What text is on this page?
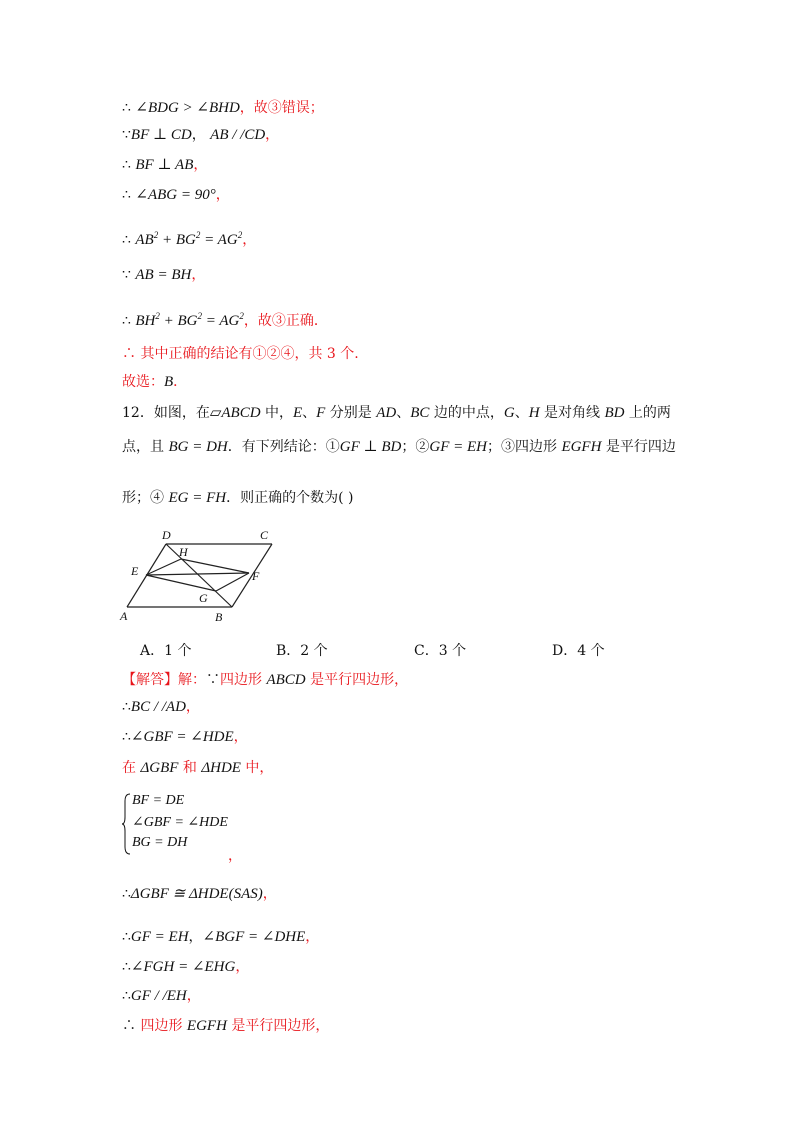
∴ ∠BDG > ∠BHD，故③错误；
∵BF ⊥ CD， AB / /CD，
∴ BF ⊥ AB，
∴ ∠ABG = 90°，
∴ $AB^2 + BG^2 = AG^2$，
∵ AB = BH，
∴ $BH^2 + BG^2 = AG^2$，故③正确．
∴ 其中正确的结论有①②④，共 3 个.
故选：B．
12．如图，在▱ABCD 中，E、F 分别是 AD、BC 边的中点，G、H 是对角线 BD 上的两
点，且 BG = DH．有下列结论：①GF ⊥ BD；②GF = EH；③四边形 EGFH 是平行四边
形；④ EG = FH．则正确的个数为( )
D	C
H
E	F
G
A	B
A．1 个	B．2 个	C．3 个	D．4 个
【解答】解：∵四边形 ABCD 是平行四边形，
∴BC / /AD，
∴∠GBF = ∠HDE，
在 ΔGBF 和 ΔHDE 中，
BF = DE
∠GBF = ∠HDE
BG = DH
，
∴ΔGBF ≅ ΔHDE(SAS)，
∴GF = EH，∠BGF = ∠DHE，
∴∠FGH = ∠EHG，
∴GF / /EH，
∴ 四边形 EGFH 是平行四边形，
